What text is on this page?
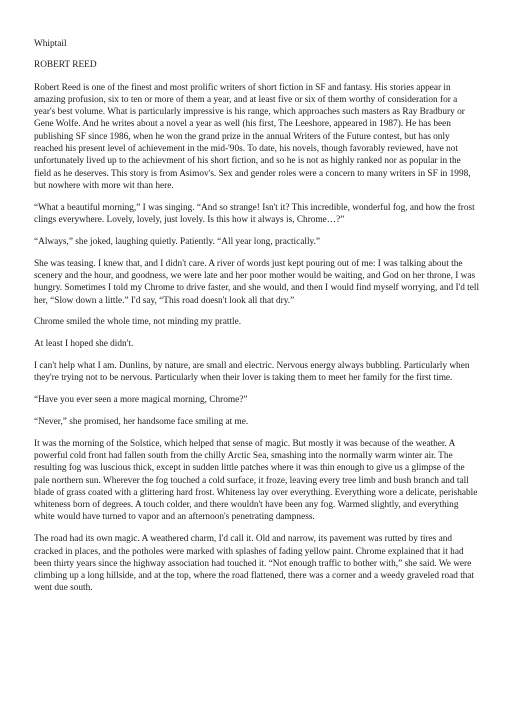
Whiptail
ROBERT REED
Robert Reed is one of the finest and most prolific writers of short fiction in SF and fantasy. His stories appear in amazing profusion, six to ten or more of them a year, and at least five or six of them worthy of consideration for a year's best volume. What is particularly impressive is his range, which approaches such masters as Ray Bradbury or Gene Wolfe. And he writes about a novel a year as well (his first, The Leeshore, appeared in 1987). He has been publishing SF since 1986, when he won the grand prize in the annual Writers of the Future contest, but has only reached his present level of achievement in the mid-'90s. To date, his novels, though favorably reviewed, have not unfortunately lived up to the achievment of his short fiction, and so he is not as highly ranked nor as popular in the field as he deserves. This story is from Asimov's. Sex and gender roles were a concern to many writers in SF in 1998, but nowhere with more wit than here.
“What a beautiful morning,” I was singing. “And so strange! Isn't it? This incredible, wonderful fog, and how the frost clings everywhere. Lovely, lovely, just lovely. Is this how it always is, Chrome…?”
“Always,” she joked, laughing quietly. Patiently. “All year long, practically.”
She was teasing. I knew that, and I didn't care. A river of words just kept pouring out of me: I was talking about the scenery and the hour, and goodness, we were late and her poor mother would be waiting, and God on her throne, I was hungry. Sometimes I told my Chrome to drive faster, and she would, and then I would find myself worrying, and I'd tell her, “Slow down a little.” I'd say, “This road doesn't look all that dry.”
Chrome smiled the whole time, not minding my prattle.
At least I hoped she didn't.
I can't help what I am. Dunlins, by nature, are small and electric. Nervous energy always bubbling. Particularly when they're trying not to be nervous. Particularly when their lover is taking them to meet her family for the first time.
“Have you ever seen a more magical morning, Chrome?”
“Never,” she promised, her handsome face smiling at me.
It was the morning of the Solstice, which helped that sense of magic. But mostly it was because of the weather. A powerful cold front had fallen south from the chilly Arctic Sea, smashing into the normally warm winter air. The resulting fog was luscious thick, except in sudden little patches where it was thin enough to give us a glimpse of the pale northern sun. Wherever the fog touched a cold surface, it froze, leaving every tree limb and bush branch and tall blade of grass coated with a glittering hard frost. Whiteness lay over everything. Everything wore a delicate, perishable whiteness born of degrees. A touch colder, and there wouldn't have been any fog. Warmed slightly, and everything white would have turned to vapor and an afternoon's penetrating dampness.
The road had its own magic. A weathered charm, I'd call it. Old and narrow, its pavement was rutted by tires and cracked in places, and the potholes were marked with splashes of fading yellow paint. Chrome explained that it had been thirty years since the highway association had touched it. “Not enough traffic to bother with,” she said. We were climbing up a long hillside, and at the top, where the road flattened, there was a corner and a weedy graveled road that went due south.
